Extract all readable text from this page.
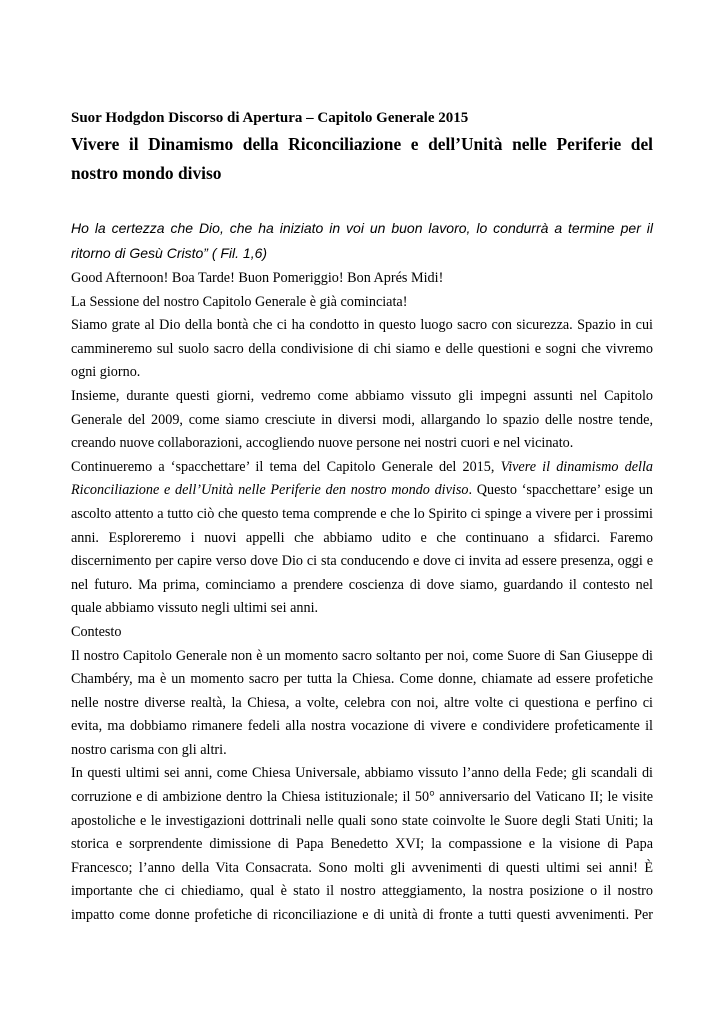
Suor Hodgdon Discorso di Apertura – Capitolo Generale 2015

Vivere il Dinamismo della Riconciliazione e dell’Unità nelle Periferie del nostro mondo diviso

Ho la certezza che Dio, che ha iniziato in voi un buon lavoro, lo condurrà a termine per il ritorno di Gesù Cristo” ( Fil. 1,6)

Good Afternoon! Boa Tarde! Buon Pomeriggio! Bon Aprés Midi!

La Sessione del nostro Capitolo Generale è già cominciata!

Siamo grate al Dio della bontà che ci ha condotto in questo luogo sacro con sicurezza. Spazio in cui cammineremo sul suolo sacro della condivisione di chi siamo e delle questioni e sogni che vivremo ogni giorno.

Insieme, durante questi giorni, vedremo come abbiamo vissuto gli impegni assunti nel Capitolo Generale del 2009, come siamo cresciute in diversi modi, allargando lo spazio delle nostre tende, creando nuove collaborazioni, accogliendo nuove persone nei nostri cuori e nel vicinato.

Continueremo a ‘spacchettare’ il tema del Capitolo Generale del 2015, Vivere il dinamismo della Riconciliazione e dell’Unità nelle Periferie den nostro mondo diviso. Questo ‘spacchettare’ esige un ascolto attento a tutto ciò che questo tema comprende e che lo Spirito ci spinge a vivere per i prossimi anni. Esploreremo i nuovi appelli che abbiamo udito e che continuano a sfidarci. Faremo discernimento per capire verso dove Dio ci sta conducendo e dove ci invita ad essere presenza, oggi e nel futuro. Ma prima, cominciamo a prendere coscienza di dove siamo, guardando il contesto nel quale abbiamo vissuto negli ultimi sei anni.

Contesto

Il nostro Capitolo Generale non è un momento sacro soltanto per noi, come Suore di San Giuseppe di Chambéry, ma è un momento sacro per tutta la Chiesa. Come donne, chiamate ad essere profetiche nelle nostre diverse realtà, la Chiesa, a volte, celebra con noi, altre volte ci questiona e perfino ci evita, ma dobbiamo rimanere fedeli alla nostra vocazione di vivere e condividere profeticamente il nostro carisma con gli altri.

In questi ultimi sei anni, come Chiesa Universale, abbiamo vissuto l’anno della Fede; gli scandali di corruzione e di ambizione dentro la Chiesa istituzionale; il 50° anniversario del Vaticano II; le visite apostoliche e le investigazioni dottrinali nelle quali sono state coinvolte le Suore degli Stati Uniti; la storica e sorprendente dimissione di Papa Benedetto XVI; la compassione e la visione di Papa Francesco; l’anno della Vita Consacrata. Sono molti gli avvenimenti di questi ultimi sei anni! È importante che ci chiediamo, qual è stato il nostro atteggiamento, la nostra posizione o il nostro impatto come donne profetiche di riconciliazione e di unità di fronte a tutti questi avvenimenti. Per
